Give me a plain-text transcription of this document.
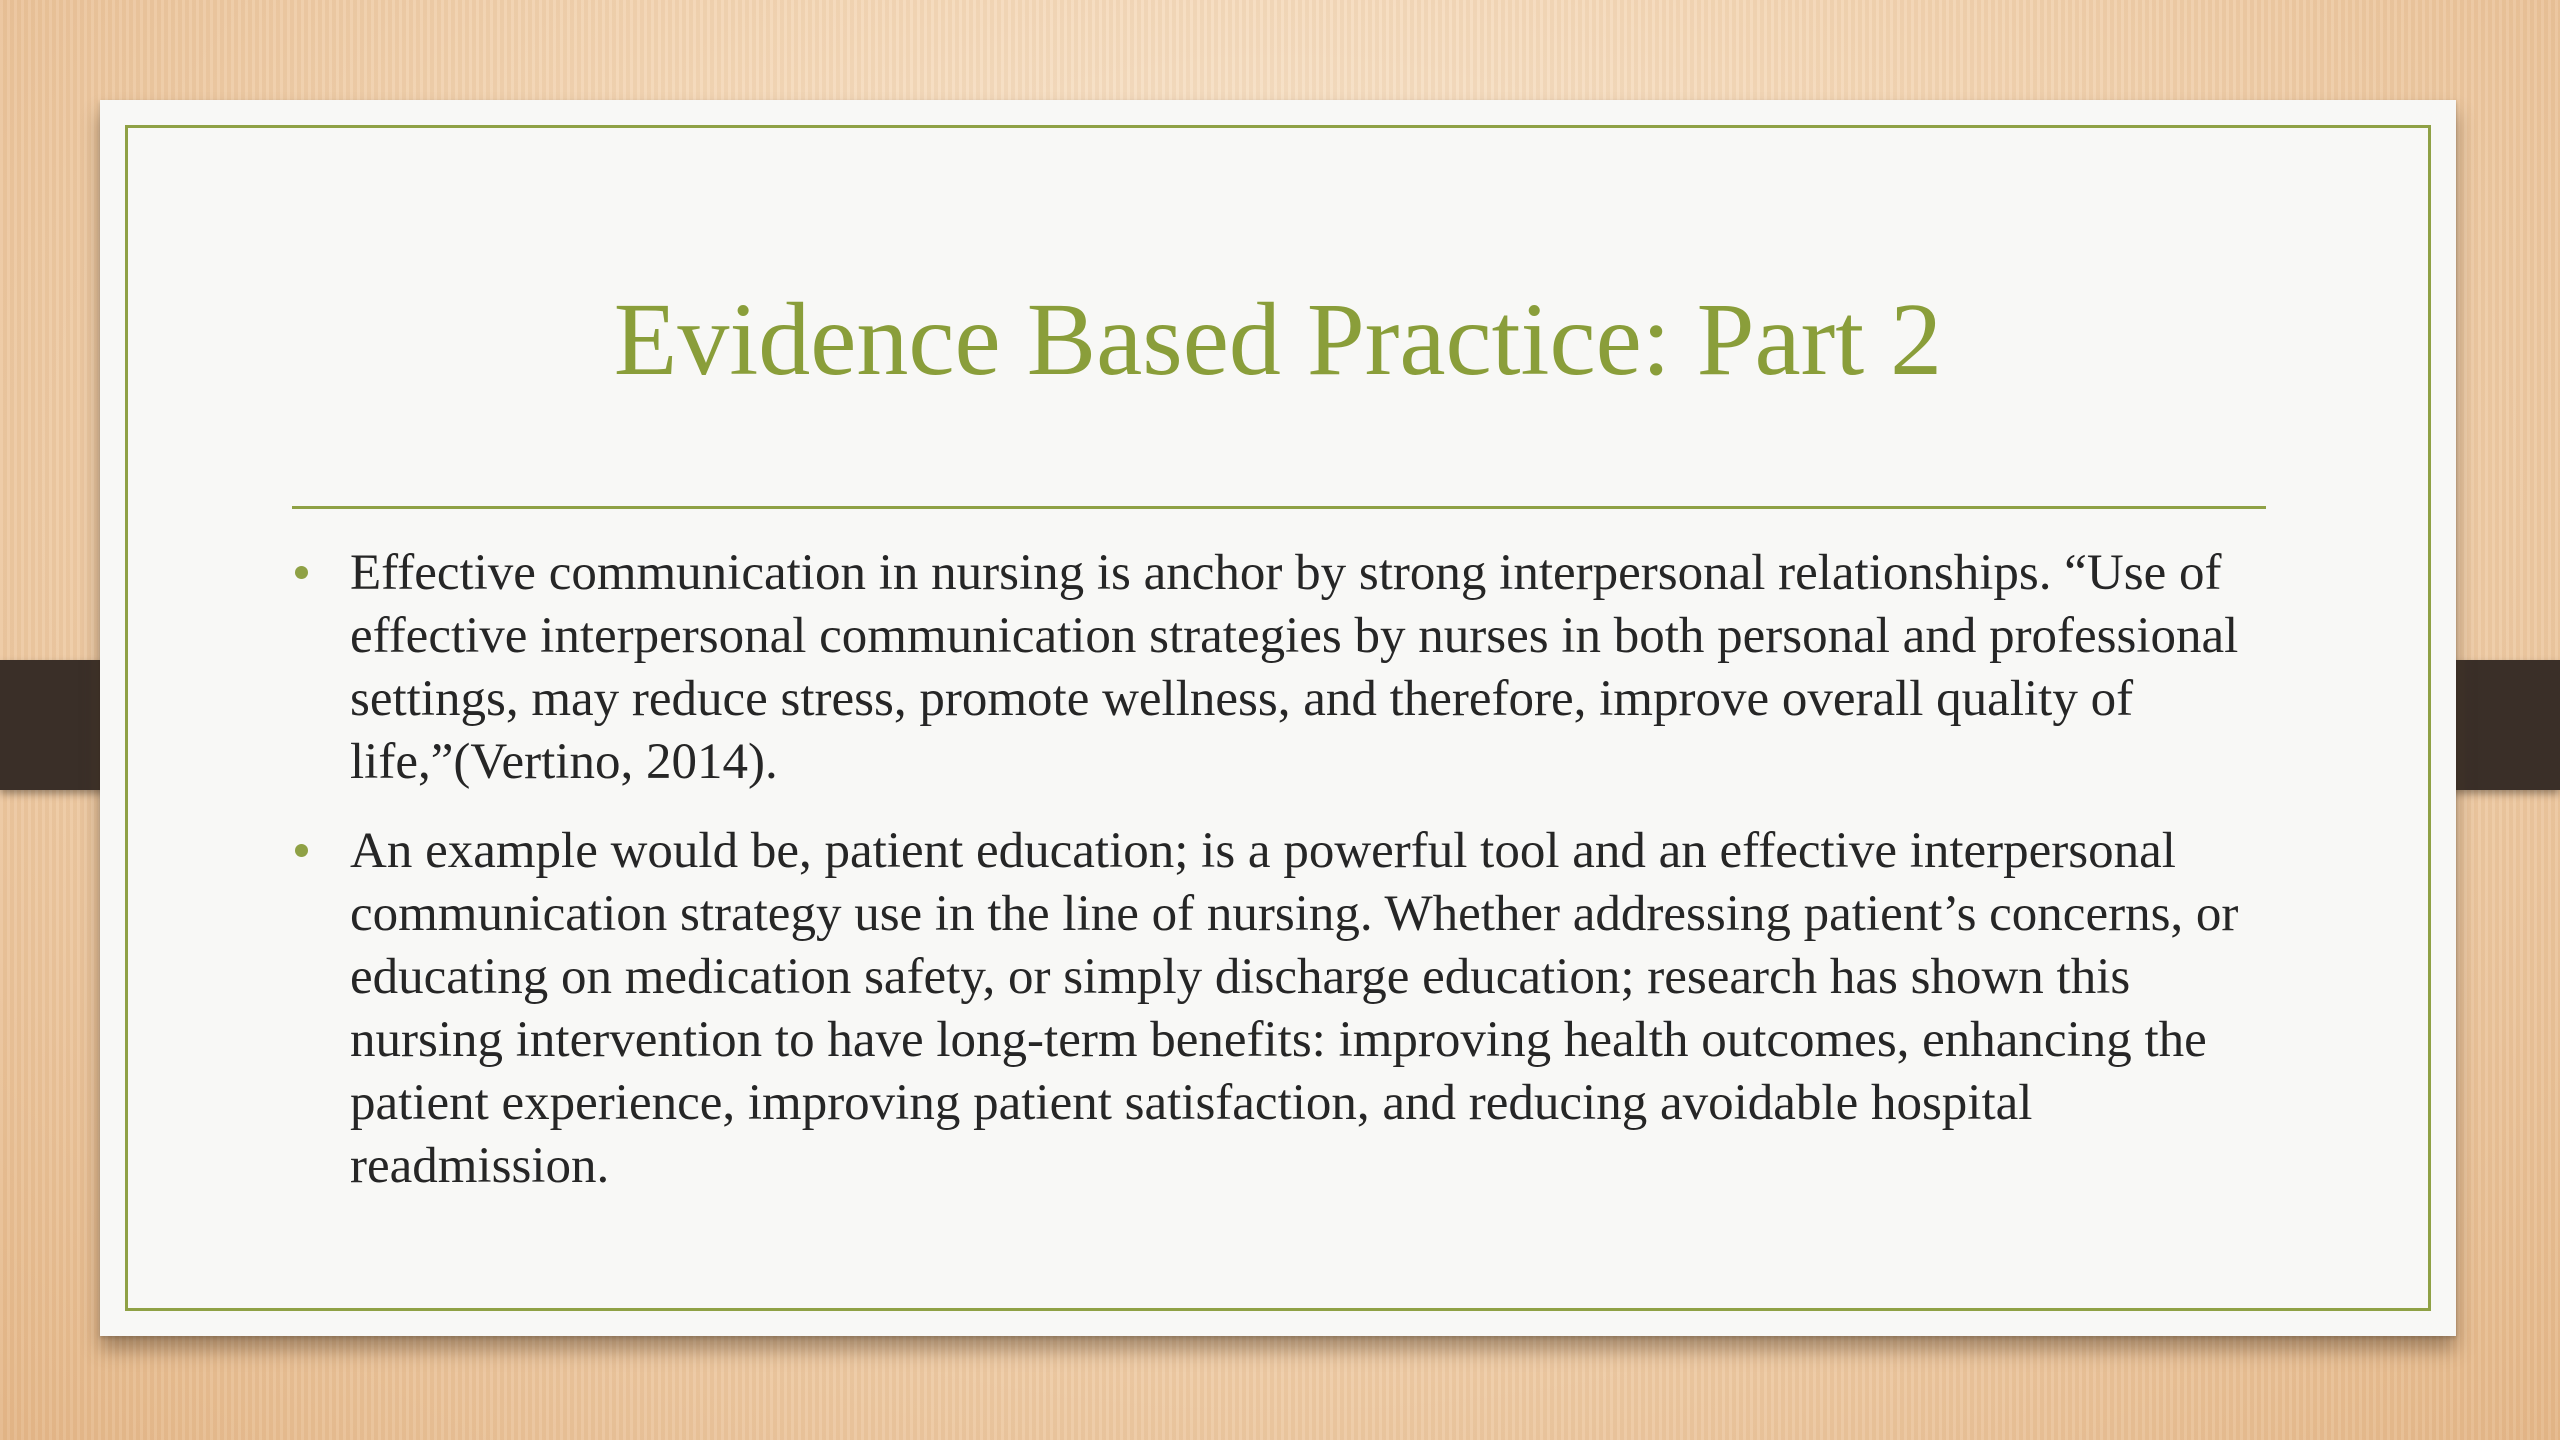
Evidence Based Practice: Part 2
Effective communication in nursing is anchor by strong interpersonal relationships. “Use of effective interpersonal communication strategies by nurses in both personal and professional settings, may reduce stress, promote wellness, and therefore, improve overall quality of life,”(Vertino, 2014).
An example would be, patient education; is a powerful tool and an effective interpersonal communication strategy use in the line of nursing. Whether addressing patient’s concerns, or educating on medication safety, or simply discharge education; research has shown this nursing intervention to have long-term benefits: improving health outcomes, enhancing the patient experience, improving patient satisfaction, and reducing avoidable hospital readmission.
